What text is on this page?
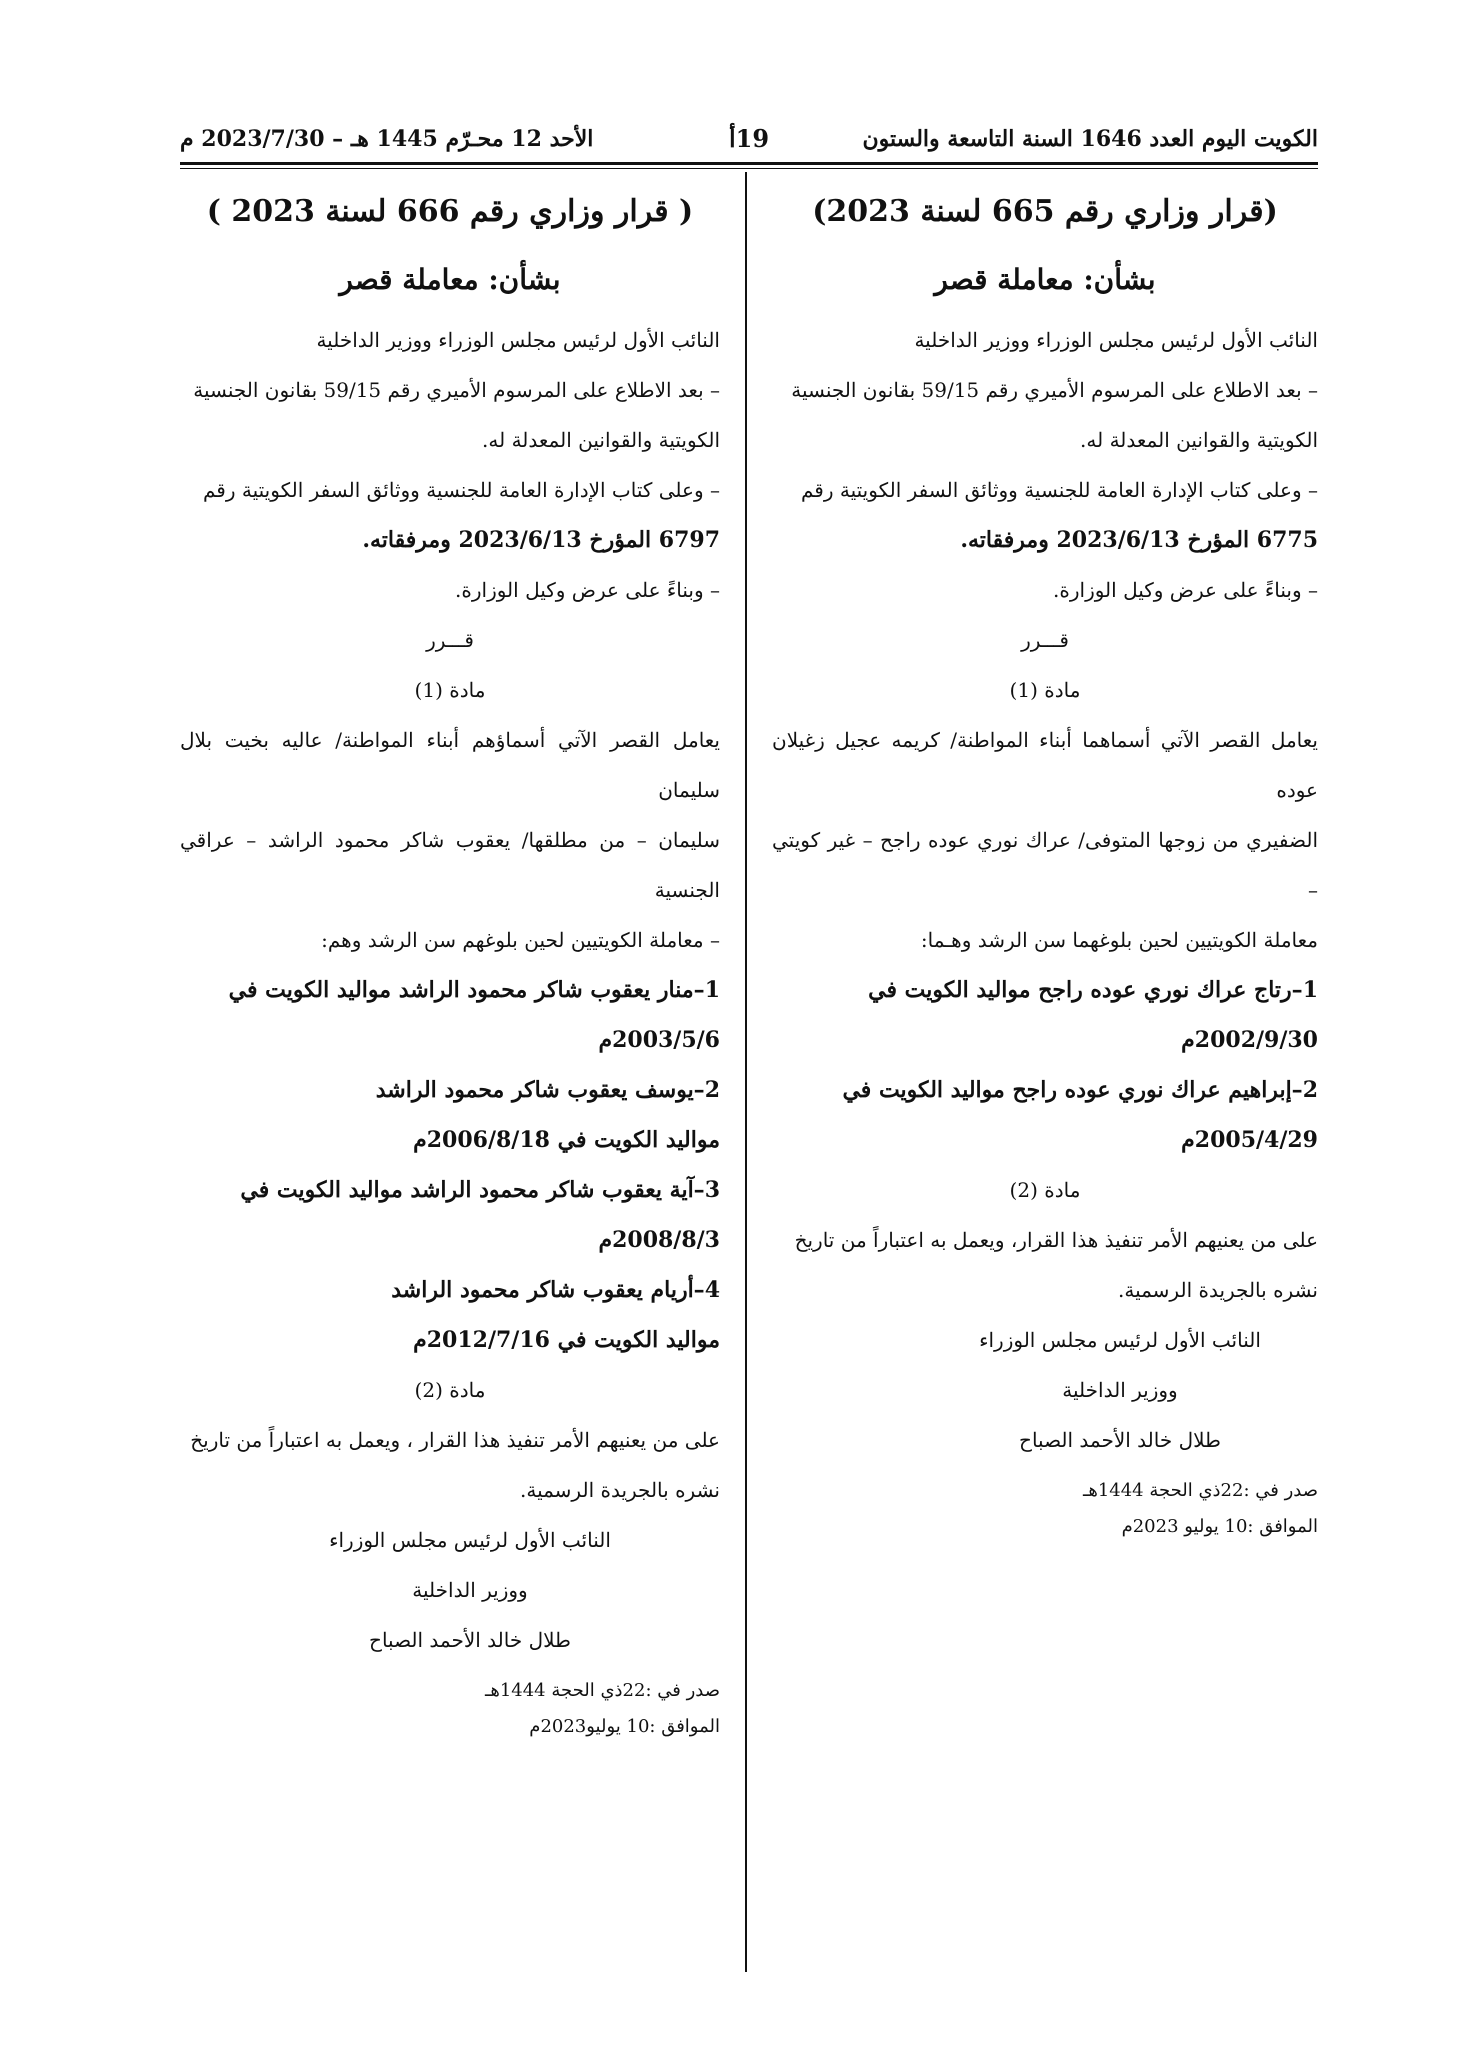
الكويت اليوم العدد 1646 السنة التاسعة والستون
19أ
الأحد 12 محـرّم 1445 هـ – 2023/7/30 م
(قرار وزاري رقم 665 لسنة 2023)
بشأن: معاملة قصر
النائب الأول لرئيس مجلس الوزراء ووزير الداخلية
– بعد الاطلاع على المرسوم الأميري رقم 59/15 بقانون الجنسية
الكويتية والقوانين المعدلة له.
– وعلى كتاب الإدارة العامة للجنسية ووثائق السفر الكويتية رقم
6775 المؤرخ 2023/6/13 ومرفقاته.
– وبناءً على عرض وكيل الوزارة.
قـــرر
مادة (1)
يعامل القصر الآتي أسماهما أبناء المواطنة/ كريمه عجيل زغيلان عوده
الضفيري من زوجها المتوفى/ عراك نوري عوده راجح – غير كويتي –
معاملة الكويتيين لحين بلوغهما سن الرشد وهـما:
1–رتاج عراك نوري عوده راجح مواليد الكويت في 2002/9/30م
2–إبراهيم عراك نوري عوده راجح مواليد الكويت في 2005/4/29م
مادة (2)
على من يعنيهم الأمر تنفيذ هذا القرار، ويعمل به اعتباراً من تاريخ
نشره بالجريدة الرسمية.
النائب الأول لرئيس مجلس الوزراء
ووزير الداخلية
طلال خالد الأحمد الصباح
صدر في :22ذي الحجة 1444هـ
الموافق :10 يوليو 2023م
( قرار وزاري رقم 666 لسنة 2023 )
بشأن: معاملة قصر
النائب الأول لرئيس مجلس الوزراء ووزير الداخلية
– بعد الاطلاع على المرسوم الأميري رقم 59/15 بقانون الجنسية
الكويتية والقوانين المعدلة له.
– وعلى كتاب الإدارة العامة للجنسية ووثائق السفر الكويتية رقم
6797 المؤرخ 2023/6/13 ومرفقاته.
– وبناءً على عرض وكيل الوزارة.
قـــرر
مادة (1)
يعامل القصر الآتي أسماؤهم أبناء المواطنة/ عاليه بخيت بلال سليمان
سليمان – من مطلقها/ يعقوب شاكر محمود الراشد – عراقي الجنسية
– معاملة الكويتيين لحين بلوغهم سن الرشد وهم:
1–منار يعقوب شاكر محمود الراشد مواليد الكويت في 2003/5/6م
2–يوسف يعقوب شاكر محمود الراشد
مواليد الكويت في 2006/8/18م
3–آية يعقوب شاكر محمود الراشد مواليد الكويت في 2008/8/3م
4–أريام يعقوب شاكر محمود الراشد
مواليد الكويت في 2012/7/16م
مادة (2)
على من يعنيهم الأمر تنفيذ هذا القرار ، ويعمل به اعتباراً من تاريخ
نشره بالجريدة الرسمية.
النائب الأول لرئيس مجلس الوزراء
ووزير الداخلية
طلال خالد الأحمد الصباح
صدر في :22ذي الحجة 1444هـ
الموافق :10 يوليو2023م
